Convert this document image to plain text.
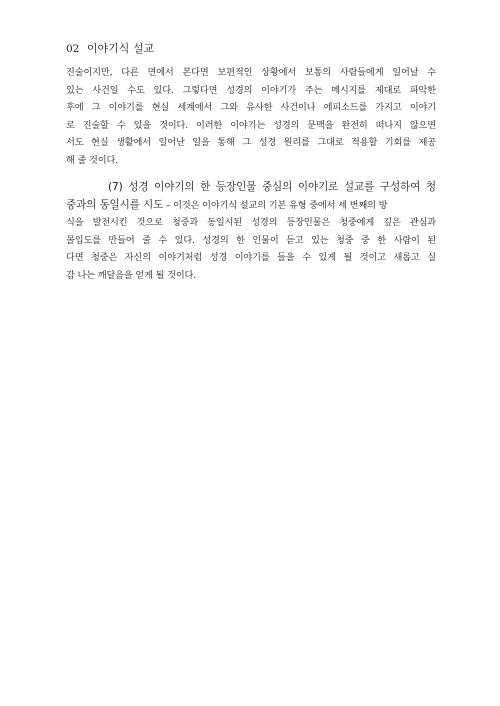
02 이야기식 설교
진술이지만, 다른 면에서 본다면 보편적인 상황에서 보통의 사람들에게 일어날 수
있는 사건일 수도 있다. 그렇다면 성경의 이야기가 주는 메시지를 제대로 파악한
후에 그 이야기를 현실 세계에서 그와 유사한 사건이나 에피소드를 가지고 이야기
로 진술할 수 있을 것이다. 이러한 이야기는 성경의 문맥을 완전히 떠나지 않으면
서도 현실 생활에서 일어난 일을 통해 그 성경 원리를 그대로 적용할 기회를 제공
해 줄 것이다.
(7) 성경 이야기의 한 등장인물 중심의 이야기로 설교를 구성하여 청
중과의 동일시를 시도 – 이것은 이야기식 설교의 기본 유형 중에서 세 번째의 방
식을 발전시킨 것으로 청중과 동일시된 성경의 등장인물은 청중에게 깊은 관심과
몰입도를 만들어 줄 수 있다. 성경의 한 인물이 듣고 있는 청중 중 한 사람이 된
다면 청중은 자신의 이야기처럼 성경 이야기를 들을 수 있게 될 것이고 새롭고 실
감 나는 깨달음을 얻게 될 것이다.
